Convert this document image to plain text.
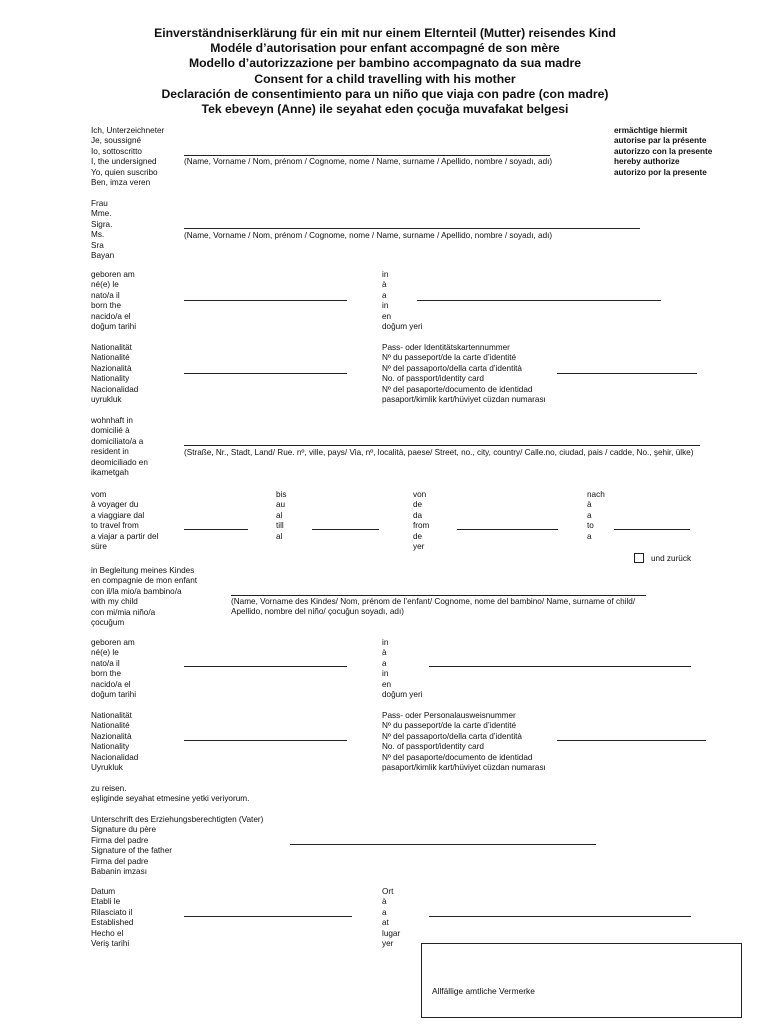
Einverständniserklärung für ein mit nur einem Elternteil (Mutter) reisendes Kind
Modéle d’autorisation pour enfant accompagné de son mère
Modello d’autorizzazione per bambino accompagnato da sua madre
Consent for a child travelling with his mother
Declaración de consentimiento para un niño que viaja con padre (con madre)
Tek ebeveyn (Anne) ile seyahat eden çocuğa muvafakat belgesi
Ich, Unterzeichneter
Je, soussigné
Io, sottoscritto
I, the undersigned
Yo, quien suscribo
Ben, imza veren
(Name, Vorname / Nom, prénom / Cognome, nome / Name, surname / Apellido, nombre / soyadı, adı)
ermächtige hiermit
autorise par la présente
autorizzo con la presente
hereby authorize
autorizo por la presente
Frau
Mme.
Sigra.
Ms.
Sra
Bayan
(Name, Vorname / Nom, prénom / Cognome, nome / Name, surname / Apellido, nombre / soyadı, adı)
geboren am
né(e) le
nato/a il
born the
nacido/a el
doğum tarihi
in
à
a
in
en
doğum yeri
Nationalität
Nationalité
Nazionalità
Nationality
Nacionalidad
uyrukluk
Pass- oder Identitätskartennummer
Nº du passeport/de la carte d’identité
Nº del passaporto/della carta d’identità
No. of passport/identity card
Nº del pasaporte/documento de identidad
pasaport/kimlik kart/hüviyet cüzdan numarası
wohnhaft in
domicilié à
domiciliato/a a
resident in
deomiciliado en
ikametgah
(Straße, Nr., Stadt, Land/ Rue. nº, ville, pays/ Via, nº, località, paese/ Street, no., city, country/ Calle.no, ciudad, pais / cadde, No., şehir, ülke)
vom
à voyager du
a viaggiare dal
to travel from
a viajar a partir del
süre
bis
au
al
till
al
von
de
da
from
de
yer
nach
à
a
to
a
und zurück
in Begleitung meines Kindes
en compagnie de mon enfant
con il/la mio/a bambino/a
with my child
con mi/mia niño/a
çocuğum
(Name, Vorname des Kindes/ Nom, prénom de l’enfant/ Cognome, nome del bambino/ Name, surname of child/
Apellido, nombre del niño/ çocuğun soyadı, adı)
geboren am
né(e) le
nato/a il
born the
nacido/a el
doğum tarihi
in
à
a
in
en
doğum yeri
Nationalität
Nationalité
Nazionalità
Nationality
Nacionalidad
Uyrukluk
Pass- oder Personalausweisnummer
Nº du passeport/de la carte d’identité
Nº del passaporto/della carta d’identità
No. of passport/identity card
Nº del pasaporte/documento de identidad
pasaport/kimlik kart/hüviyet cüzdan numarası
zu reisen.
eşliginde seyahat etmesine yetki veriyorum.
Unterschrift des Erziehungsberechtigten (Vater)
Signature du père
Firma del padre
Signature of the father
Firma del padre
Babanin imzası
Datum
Etabli le
Rilasciato il
Established
Hecho el
Veriş tarihi
Ort
à
a
at
lugar
yer
Allfällige amtliche Vermerke
